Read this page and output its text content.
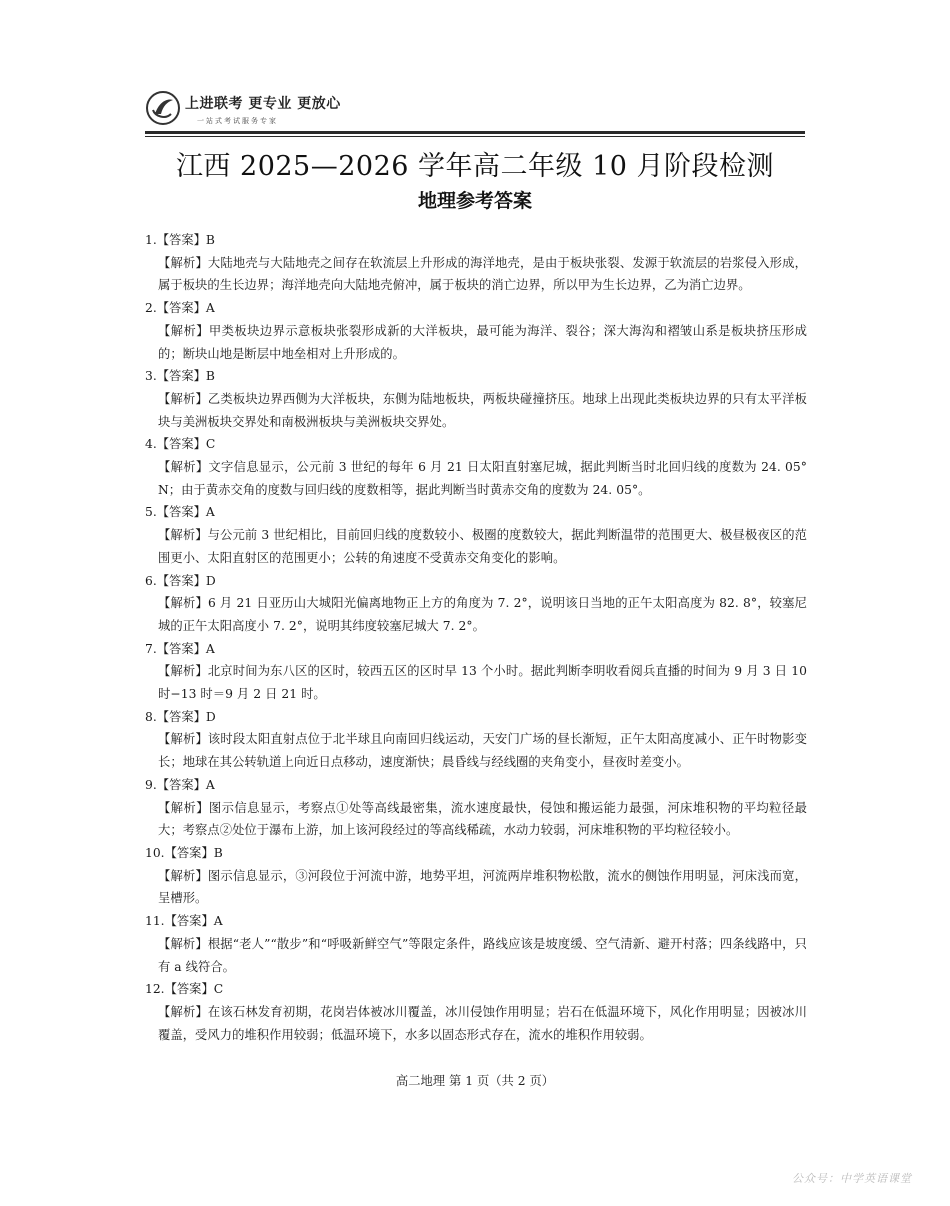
上进联考 更专业 更放心
一站式考试服务专家
江西 2025—2026 学年高二年级 10 月阶段检测
地理参考答案
1.【答案】B
【解析】大陆地壳与大陆地壳之间存在软流层上升形成的海洋地壳，是由于板块张裂、发源于软流层的岩浆侵入形成，属于板块的生长边界；海洋地壳向大陆地壳俯冲，属于板块的消亡边界，所以甲为生长边界，乙为消亡边界。
2.【答案】A
【解析】甲类板块边界示意板块张裂形成新的大洋板块，最可能为海洋、裂谷；深大海沟和褶皱山系是板块挤压形成的；断块山地是断层中地垒相对上升形成的。
3.【答案】B
【解析】乙类板块边界西侧为大洋板块，东侧为陆地板块，两板块碰撞挤压。地球上出现此类板块边界的只有太平洋板块与美洲板块交界处和南极洲板块与美洲板块交界处。
4.【答案】C
【解析】文字信息显示，公元前 3 世纪的每年 6 月 21 日太阳直射塞尼城，据此判断当时北回归线的度数为 24. 05° N；由于黄赤交角的度数与回归线的度数相等，据此判断当时黄赤交角的度数为 24. 05°。
5.【答案】A
【解析】与公元前 3 世纪相比，目前回归线的度数较小、极圈的度数较大，据此判断温带的范围更大、极昼极夜区的范围更小、太阳直射区的范围更小；公转的角速度不受黄赤交角变化的影响。
6.【答案】D
【解析】6 月 21 日亚历山大城阳光偏离地物正上方的角度为 7. 2°，说明该日当地的正午太阳高度为 82. 8°，较塞尼城的正午太阳高度小 7. 2°，说明其纬度较塞尼城大 7. 2°。
7.【答案】A
【解析】北京时间为东八区的区时，较西五区的区时早 13 个小时。据此判断李明收看阅兵直播的时间为 9 月 3 日 10 时−13 时＝9 月 2 日 21 时。
8.【答案】D
【解析】该时段太阳直射点位于北半球且向南回归线运动，天安门广场的昼长渐短，正午太阳高度减小、正午时物影变长；地球在其公转轨道上向近日点移动，速度渐快；晨昏线与经线圈的夹角变小，昼夜时差变小。
9.【答案】A
【解析】图示信息显示，考察点①处等高线最密集，流水速度最快，侵蚀和搬运能力最强，河床堆积物的平均粒径最大；考察点②处位于瀑布上游，加上该河段经过的等高线稀疏，水动力较弱，河床堆积物的平均粒径较小。
10.【答案】B
【解析】图示信息显示，③河段位于河流中游，地势平坦，河流两岸堆积物松散，流水的侧蚀作用明显，河床浅而宽，呈槽形。
11.【答案】A
【解析】根据“老人”“散步”和“呼吸新鲜空气”等限定条件，路线应该是坡度缓、空气清新、避开村落；四条线路中，只有 a 线符合。
12.【答案】C
【解析】在该石林发育初期，花岗岩体被冰川覆盖，冰川侵蚀作用明显；岩石在低温环境下，风化作用明显；因被冰川覆盖，受风力的堆积作用较弱；低温环境下，水多以固态形式存在，流水的堆积作用较弱。
高二地理 第 1 页（共 2 页）
公众号：中学英语课堂
